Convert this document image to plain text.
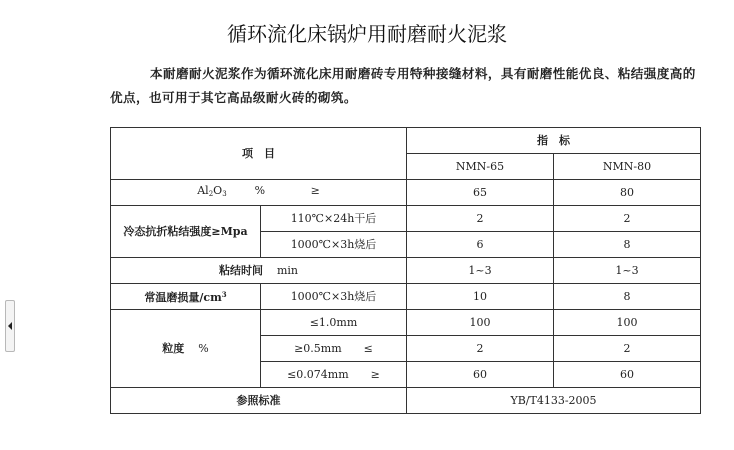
循环流化床锅炉用耐磨耐火泥浆

本耐磨耐火泥浆作为循环流化床用耐磨砖专用特种接缝材料，具有耐磨性能优良、粘结强度高的优点，也可用于其它高品级耐火砖的砌筑。

项　目		指　标	
		NMN-65	NMN-80
$Al_2O_3$ % ≥		65	80
冷态抗折粘结强度≥Mpa	110℃×24h干后	2	2
	1000℃×3h烧后	6	8
粘结时间 min		1~3	1~3
常温磨损量$/cm^3$	1000℃×3h烧后	10	8
粒度 %	≤1.0mm	100	100
	≥0.5mm　　≤	2	2
	≤0.074mm　　≥	60	60
参照标准		YB/T4133-2005	
